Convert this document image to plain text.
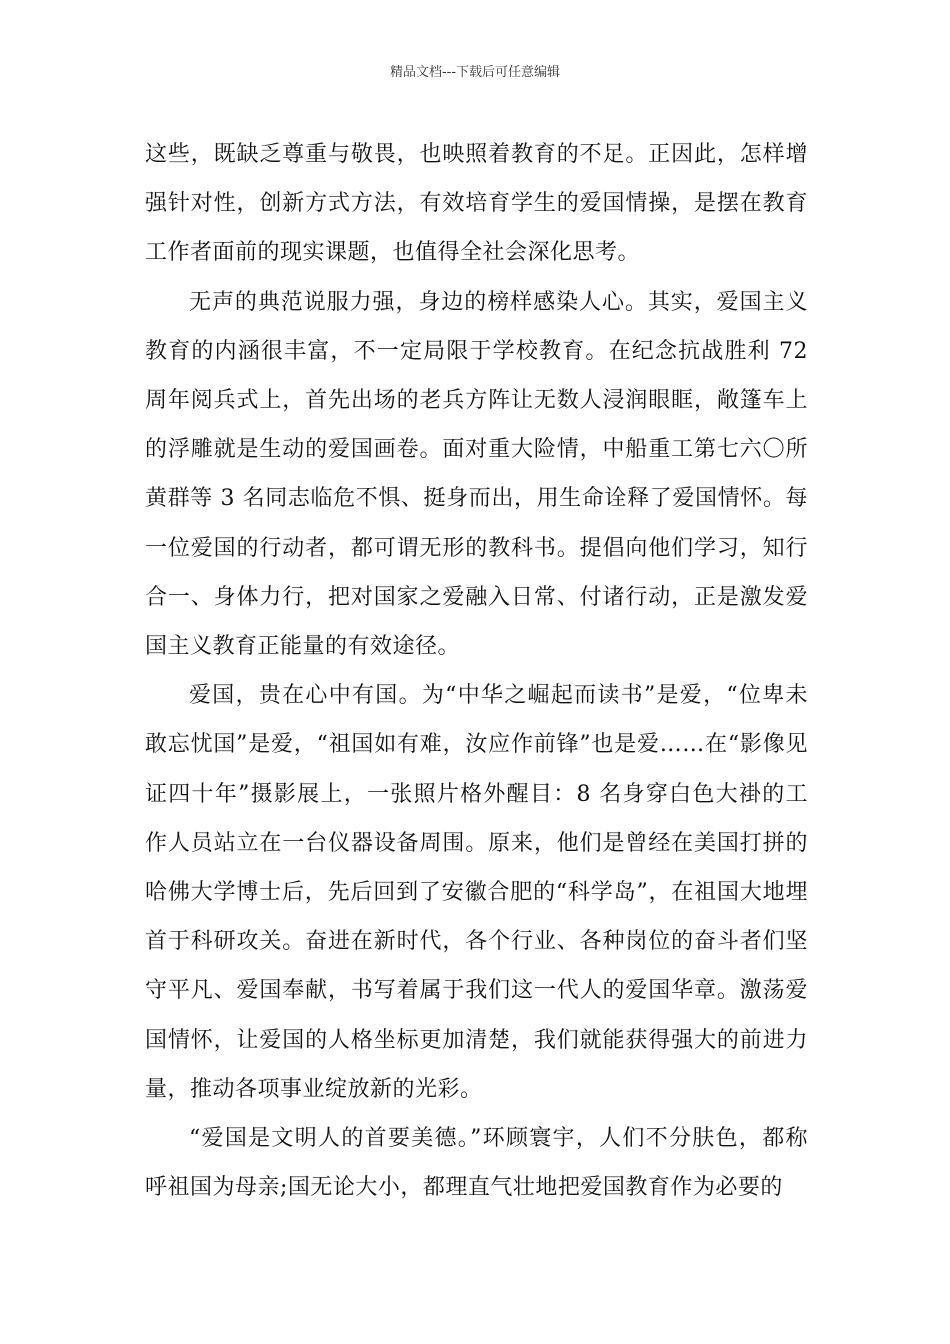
精品文档---下载后可任意编辑

这些，既缺乏尊重与敬畏，也映照着教育的不足。正因此，怎样增强针对性，创新方式方法，有效培育学生的爱国情操，是摆在教育工作者面前的现实课题，也值得全社会深化思考。

无声的典范说服力强，身边的榜样感染人心。其实，爱国主义教育的内涵很丰富，不一定局限于学校教育。在纪念抗战胜利 72 周年阅兵式上，首先出场的老兵方阵让无数人浸润眼眶，敞篷车上的浮雕就是生动的爱国画卷。面对重大险情，中船重工第七六〇所黄群等 3 名同志临危不惧、挺身而出，用生命诠释了爱国情怀。每一位爱国的行动者，都可谓无形的教科书。提倡向他们学习，知行合一、身体力行，把对国家之爱融入日常、付诸行动，正是激发爱国主义教育正能量的有效途径。

爱国，贵在心中有国。为“中华之崛起而读书”是爱，“位卑未敢忘忧国”是爱，“祖国如有难，汝应作前锋”也是爱……在“影像见证四十年”摄影展上，一张照片格外醒目：8 名身穿白色大褂的工作人员站立在一台仪器设备周围。原来，他们是曾经在美国打拼的哈佛大学博士后，先后回到了安徽合肥的“科学岛”，在祖国大地埋首于科研攻关。奋进在新时代，各个行业、各种岗位的奋斗者们坚守平凡、爱国奉献，书写着属于我们这一代人的爱国华章。激荡爱国情怀，让爱国的人格坐标更加清楚，我们就能获得强大的前进力量，推动各项事业绽放新的光彩。

“爱国是文明人的首要美德。”环顾寰宇，人们不分肤色，都称呼祖国为母亲;国无论大小，都理直气壮地把爱国教育作为必要的
